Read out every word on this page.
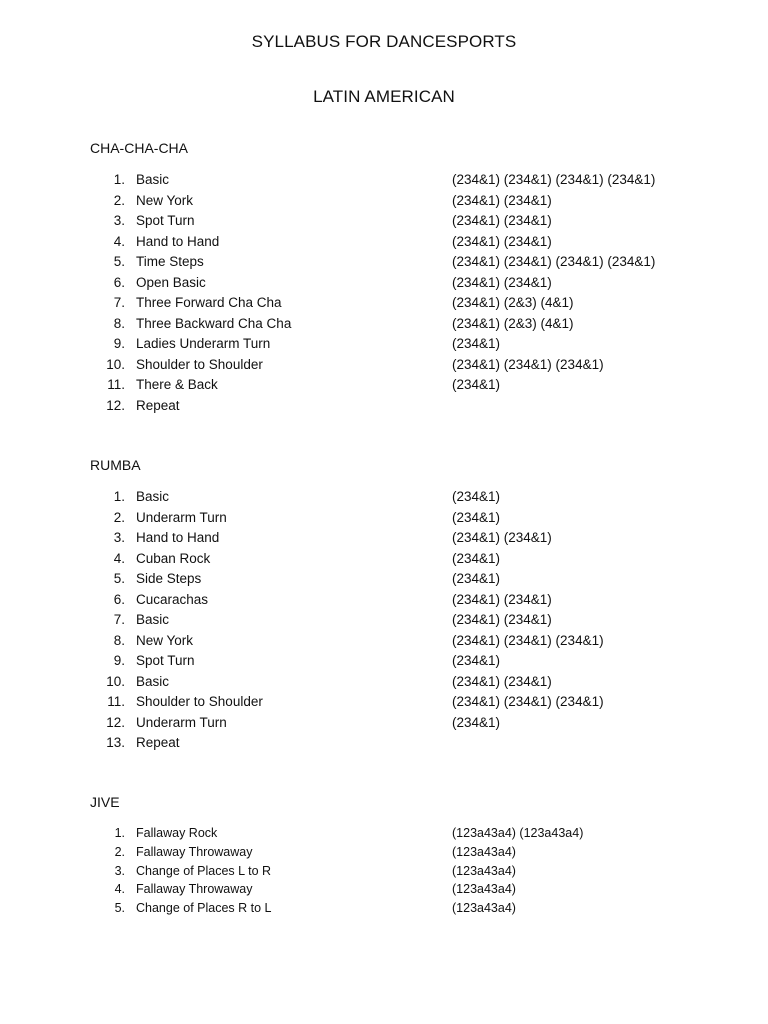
SYLLABUS FOR DANCESPORTS
LATIN AMERICAN
CHA-CHA-CHA
1. Basic	(234&1) (234&1) (234&1) (234&1)
2. New York	(234&1) (234&1)
3. Spot Turn	(234&1) (234&1)
4. Hand to Hand	(234&1) (234&1)
5. Time Steps	(234&1) (234&1) (234&1) (234&1)
6. Open Basic	(234&1) (234&1)
7. Three Forward Cha Cha	(234&1) (2&3) (4&1)
8. Three Backward Cha Cha	(234&1) (2&3) (4&1)
9. Ladies Underarm Turn	(234&1)
10. Shoulder to Shoulder	(234&1) (234&1) (234&1)
11. There & Back	(234&1)
12. Repeat
RUMBA
1. Basic	(234&1)
2. Underarm Turn	(234&1)
3. Hand to Hand	(234&1) (234&1)
4. Cuban Rock	(234&1)
5. Side Steps	(234&1)
6. Cucarachas	(234&1) (234&1)
7. Basic	(234&1) (234&1)
8. New York	(234&1) (234&1) (234&1)
9. Spot Turn	(234&1)
10. Basic	(234&1) (234&1)
11. Shoulder to Shoulder	(234&1) (234&1) (234&1)
12. Underarm Turn	(234&1)
13. Repeat
JIVE
1. Fallaway Rock	(123a43a4) (123a43a4)
2. Fallaway Throwaway	(123a43a4)
3. Change of Places L to R	(123a43a4)
4. Fallaway Throwaway	(123a43a4)
5. Change of Places R to L	(123a43a4)
